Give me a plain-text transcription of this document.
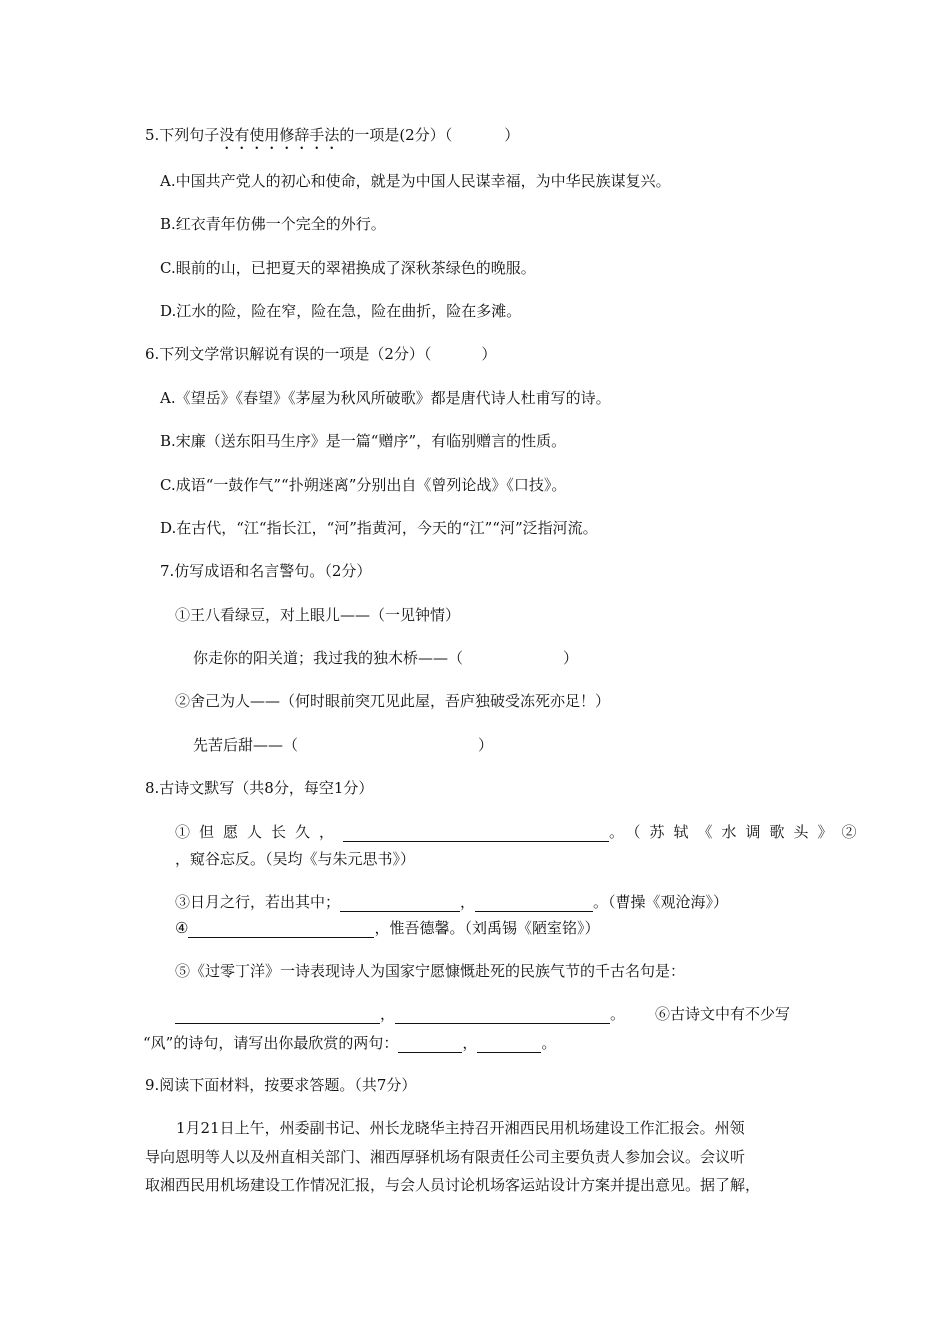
5.下列句子没有使用修辞手法的一项是(2分）（	）
A.中国共产党人的初心和使命，就是为中国人民谋幸福，为中华民族谋复兴。
B.红衣青年仿佛一个完全的外行。
C.眼前的山，已把夏天的翠裙换成了深秋茶绿色的晚服。
D.江水的险，险在窄，险在急，险在曲折，险在多滩。
6.下列文学常识解说有误的一项是（2分）（	）
A.《望岳》《春望》《茅屋为秋风所破歌》都是唐代诗人杜甫写的诗。
B.宋廉（送东阳马生序》是一篇“赠序”，有临别赠言的性质。
C.成语“一鼓作气”“扑朔迷离”分别出自《曾列论战》《口技》。
D.在古代，“江“指长江，“河”指黄河，今天的“江”“河”泛指河流。
7.仿写成语和名言警句。（2分）
①王八看绿豆，对上眼儿——（一见钟情）
你走你的阳关道；我过我的独木桥——（	）
②舍己为人——（何时眼前突兀见此屋，吾庐独破受冻死亦足！）
先苦后甜——（	）
8.古诗文默写（共8分，每空1分）
①但愿人长久，	。（苏轼《水调歌头》②
，窥谷忘反。（吴均《与朱元思书》）
③日月之行，若出其中；	，	。（曹操《观沧海》）
④	，惟吾德馨。（刘禹锡《陋室铭》）
⑤《过零丁洋》一诗表现诗人为国家宁愿慷慨赴死的民族气节的千古名句是：
，	。 ⑥古诗文中有不少写
“风”的诗句，请写出你最欣赏的两句：	，	。
9.阅读下面材料，按要求答题。（共7分）
1月21日上午，州委副书记、州长龙晓华主持召开湘西民用机场建设工作汇报会。州领
导向恩明等人以及州直相关部门、湘西厚驿机场有限责任公司主要负责人参加会议。会议听
取湘西民用机场建设工作情况汇报，与会人员讨论机场客运站设计方案并提出意见。据了解，
